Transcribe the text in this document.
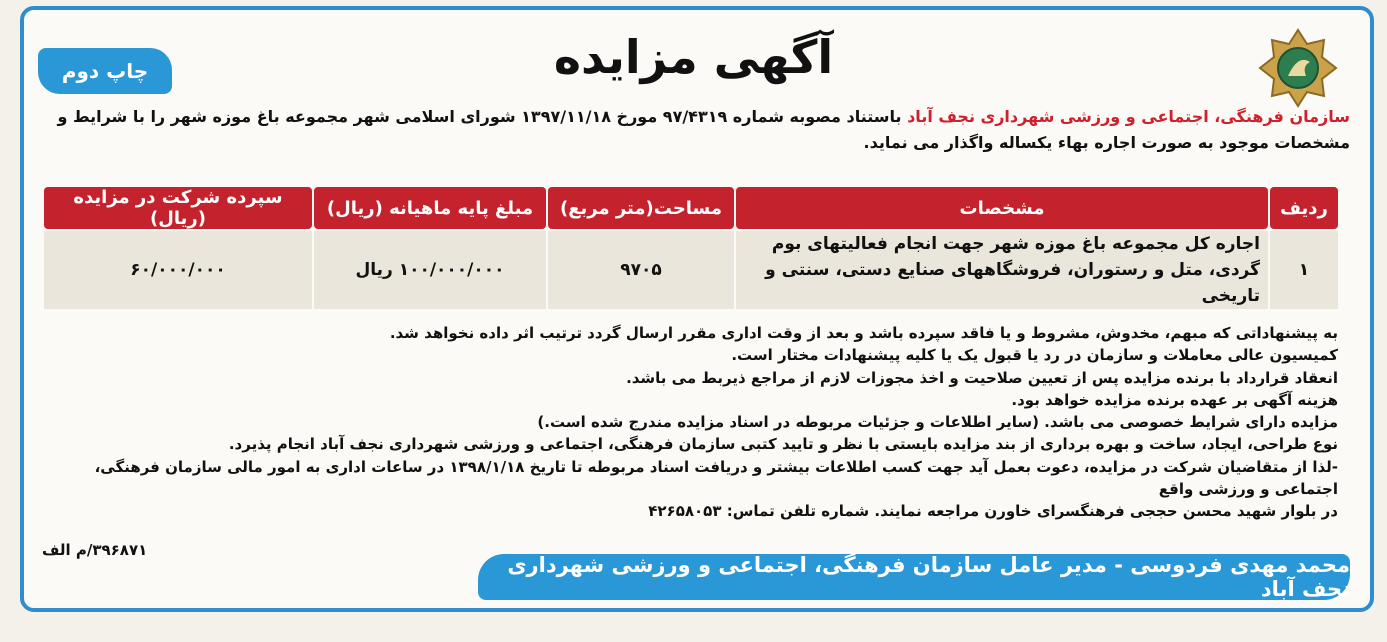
چاپ دوم	آگهی مزایده
سازمان فرهنگی، اجتماعی و ورزشی شهرداری نجف آباد باستناد مصوبه شماره ۹۷/۴۳۱۹ مورخ ۱۳۹۷/۱۱/۱۸ شورای اسلامی شهر مجموعه باغ موزه شهر را با شرایط و مشخصات موجود به صورت اجاره بهاء یکساله واگذار می نماید.
ردیف	مشخصات	مساحت(متر مربع)	مبلغ پایه ماهیانه (ریال)	سپرده شرکت در مزایده (ریال)
۱	اجاره کل مجموعه باغ موزه شهر جهت انجام فعالیتهای بوم گردی، متل و رستوران، فروشگاههای صنایع دستی، سنتی و تاریخی	۹۷۰۵	۱۰۰/۰۰۰/۰۰۰ ریال	۶۰/۰۰۰/۰۰۰

به پیشنهاداتی که مبهم، مخدوش، مشروط و یا فاقد سپرده باشد و بعد از وقت اداری مقرر ارسال گردد ترتیب اثر داده نخواهد شد.

کمیسیون عالی معاملات و سازمان در رد یا قبول یک یا کلیه پیشنهادات مختار است.

انعقاد قرارداد با برنده مزایده پس از تعیین صلاحیت و اخذ مجوزات لازم از مراجع ذیربط می باشد.

هزینه آگهی بر عهده برنده مزایده خواهد بود.

مزایده دارای شرایط خصوصی می باشد. (سایر اطلاعات و جزئیات مربوطه در اسناد مزایده مندرج شده است.)

نوع طراحی، ایجاد، ساخت و بهره برداری از بند مزایده بایستی با نظر و تایید کتبی سازمان فرهنگی، اجتماعی و ورزشی شهرداری نجف آباد انجام پذیرد.

-لذا از متقاضیان شرکت در مزایده، دعوت بعمل آید جهت کسب اطلاعات بیشتر و دریافت اسناد مربوطه تا تاریخ ۱۳۹۸/۱/۱۸ در ساعات اداری به امور مالی سازمان فرهنگی، اجتماعی و ورزشی واقع

در بلوار شهید محسن حججی فرهنگسرای خاورن مراجعه نمایند. شماره تلفن تماس: ۴۲۶۵۸۰۵۳

۳۹۶۸۷۱/م الف
محمد مهدی فردوسی - مدیر عامل سازمان فرهنگی، اجتماعی و ورزشی شهرداری نجف آباد
